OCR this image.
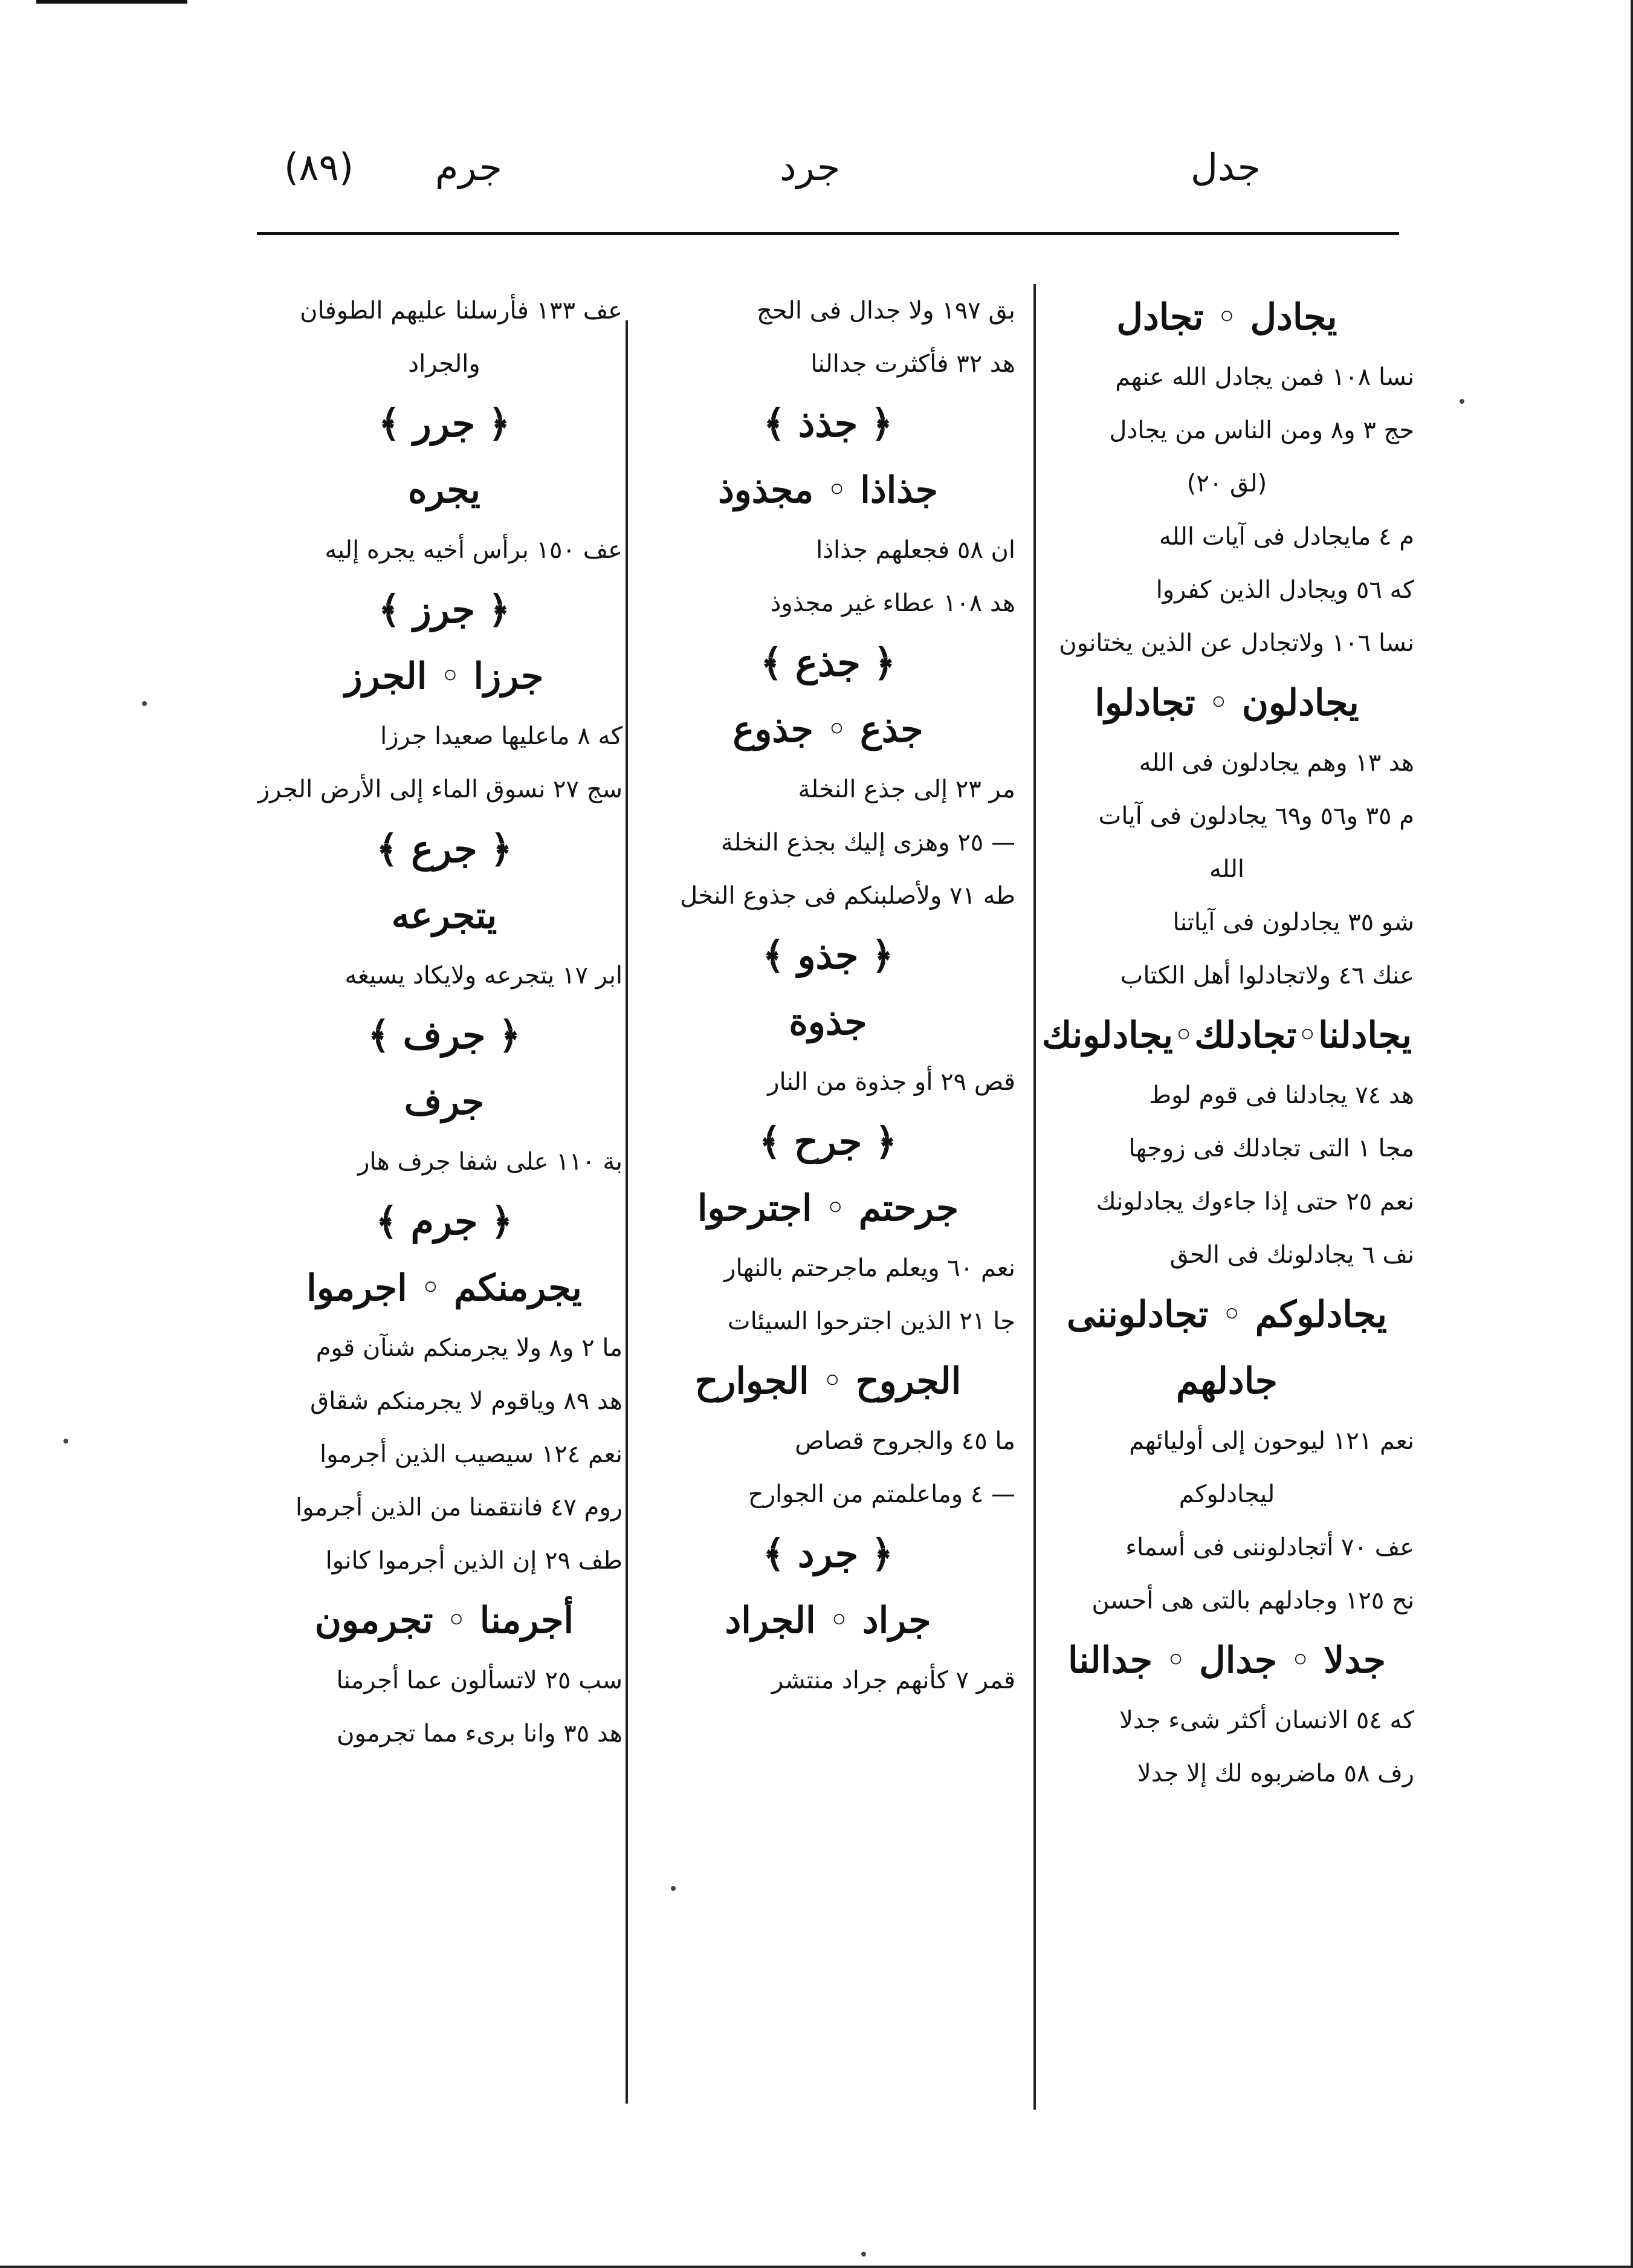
(٨٩) جرم	جرد	جدل
يجادل ◦ تجادل
نسا ١٠٨ فمن يجادل الله عنهم
حج ٣ و٨ ومن الناس من يجادل
(لق ٢٠)
م ٤ مايجادل فى آيات الله
كه ٥٦ ويجادل الذين كفروا
نسا ١٠٦ ولاتجادل عن الذين يختانون
يجادلون ◦ تجادلوا
هد ١٣ وهم يجادلون فى الله
م ٣٥ و٥٦ و٦٩ يجادلون فى آيات
الله
شو ٣٥ يجادلون فى آياتنا
عنك ٤٦ ولاتجادلوا أهل الكتاب
يجادلنا◦تجادلك◦يجادلونك
هد ٧٤ يجادلنا فى قوم لوط
مجا ١ التى تجادلك فى زوجها
نعم ٢٥ حتى إذا جاءوك يجادلونك
نف ٦ يجادلونك فى الحق
يجادلوكم ◦ تجادلوننى
جادلهم
نعم ١٢١ ليوحون إلى أوليائهم
ليجادلوكم
عف ٧٠ أتجادلوننى فى أسماء
نح ١٢٥ وجادلهم بالتى هى أحسن
جدلا ◦ جدال ◦ جدالنا
كه ٥٤ الانسان أكثر شىء جدلا
رف ٥٨ ماضربوه لك إلا جدلا
بق ١٩٧ ولا جدال فى الحج
هد ٣٢ فأكثرت جدالنا
﴿ جذذ ﴾
جذاذا ◦ مجذوذ
ان ٥٨ فجعلهم جذاذا
هد ١٠٨ عطاء غير مجذوذ
﴿ جذع ﴾
جذع ◦ جذوع
مر ٢٣ إلى جذع النخلة
— ٢٥ وهزى إليك بجذع النخلة
طه ٧١ ولأصلبنكم فى جذوع النخل
﴿ جذو ﴾
جذوة
قص ٢٩ أو جذوة من النار
﴿ جرح ﴾
جرحتم ◦ اجترحوا
نعم ٦٠ ويعلم ماجرحتم بالنهار
جا ٢١ الذين اجترحوا السيئات
الجروح ◦ الجوارح
ما ٤٥ والجروح قصاص
— ٤ وماعلمتم من الجوارح
﴿ جرد ﴾
جراد ◦ الجراد
قمر ٧ كأنهم جراد منتشر
عف ١٣٣ فأرسلنا عليهم الطوفان
والجراد
﴿ جرر ﴾
يجره
عف ١٥٠ برأس أخيه يجره إليه
﴿ جرز ﴾
جرزا ◦ الجرز
كه ٨ ماعليها صعيدا جرزا
سج ٢٧ نسوق الماء إلى الأرض الجرز
﴿ جرع ﴾
يتجرعه
ابر ١٧ يتجرعه ولايكاد يسيغه
﴿ جرف ﴾
جرف
بة ١١٠ على شفا جرف هار
﴿ جرم ﴾
يجرمنكم ◦ اجرموا
ما ٢ و٨ ولا يجرمنكم شنآن قوم
هد ٨٩ وياقوم لا يجرمنكم شقاق
نعم ١٢٤ سيصيب الذين أجرموا
روم ٤٧ فانتقمنا من الذين أجرموا
طف ٢٩ إن الذين أجرموا كانوا
أجرمنا ◦ تجرمون
سب ٢٥ لاتسألون عما أجرمنا
هد ٣٥ وانا برىء مما تجرمون
